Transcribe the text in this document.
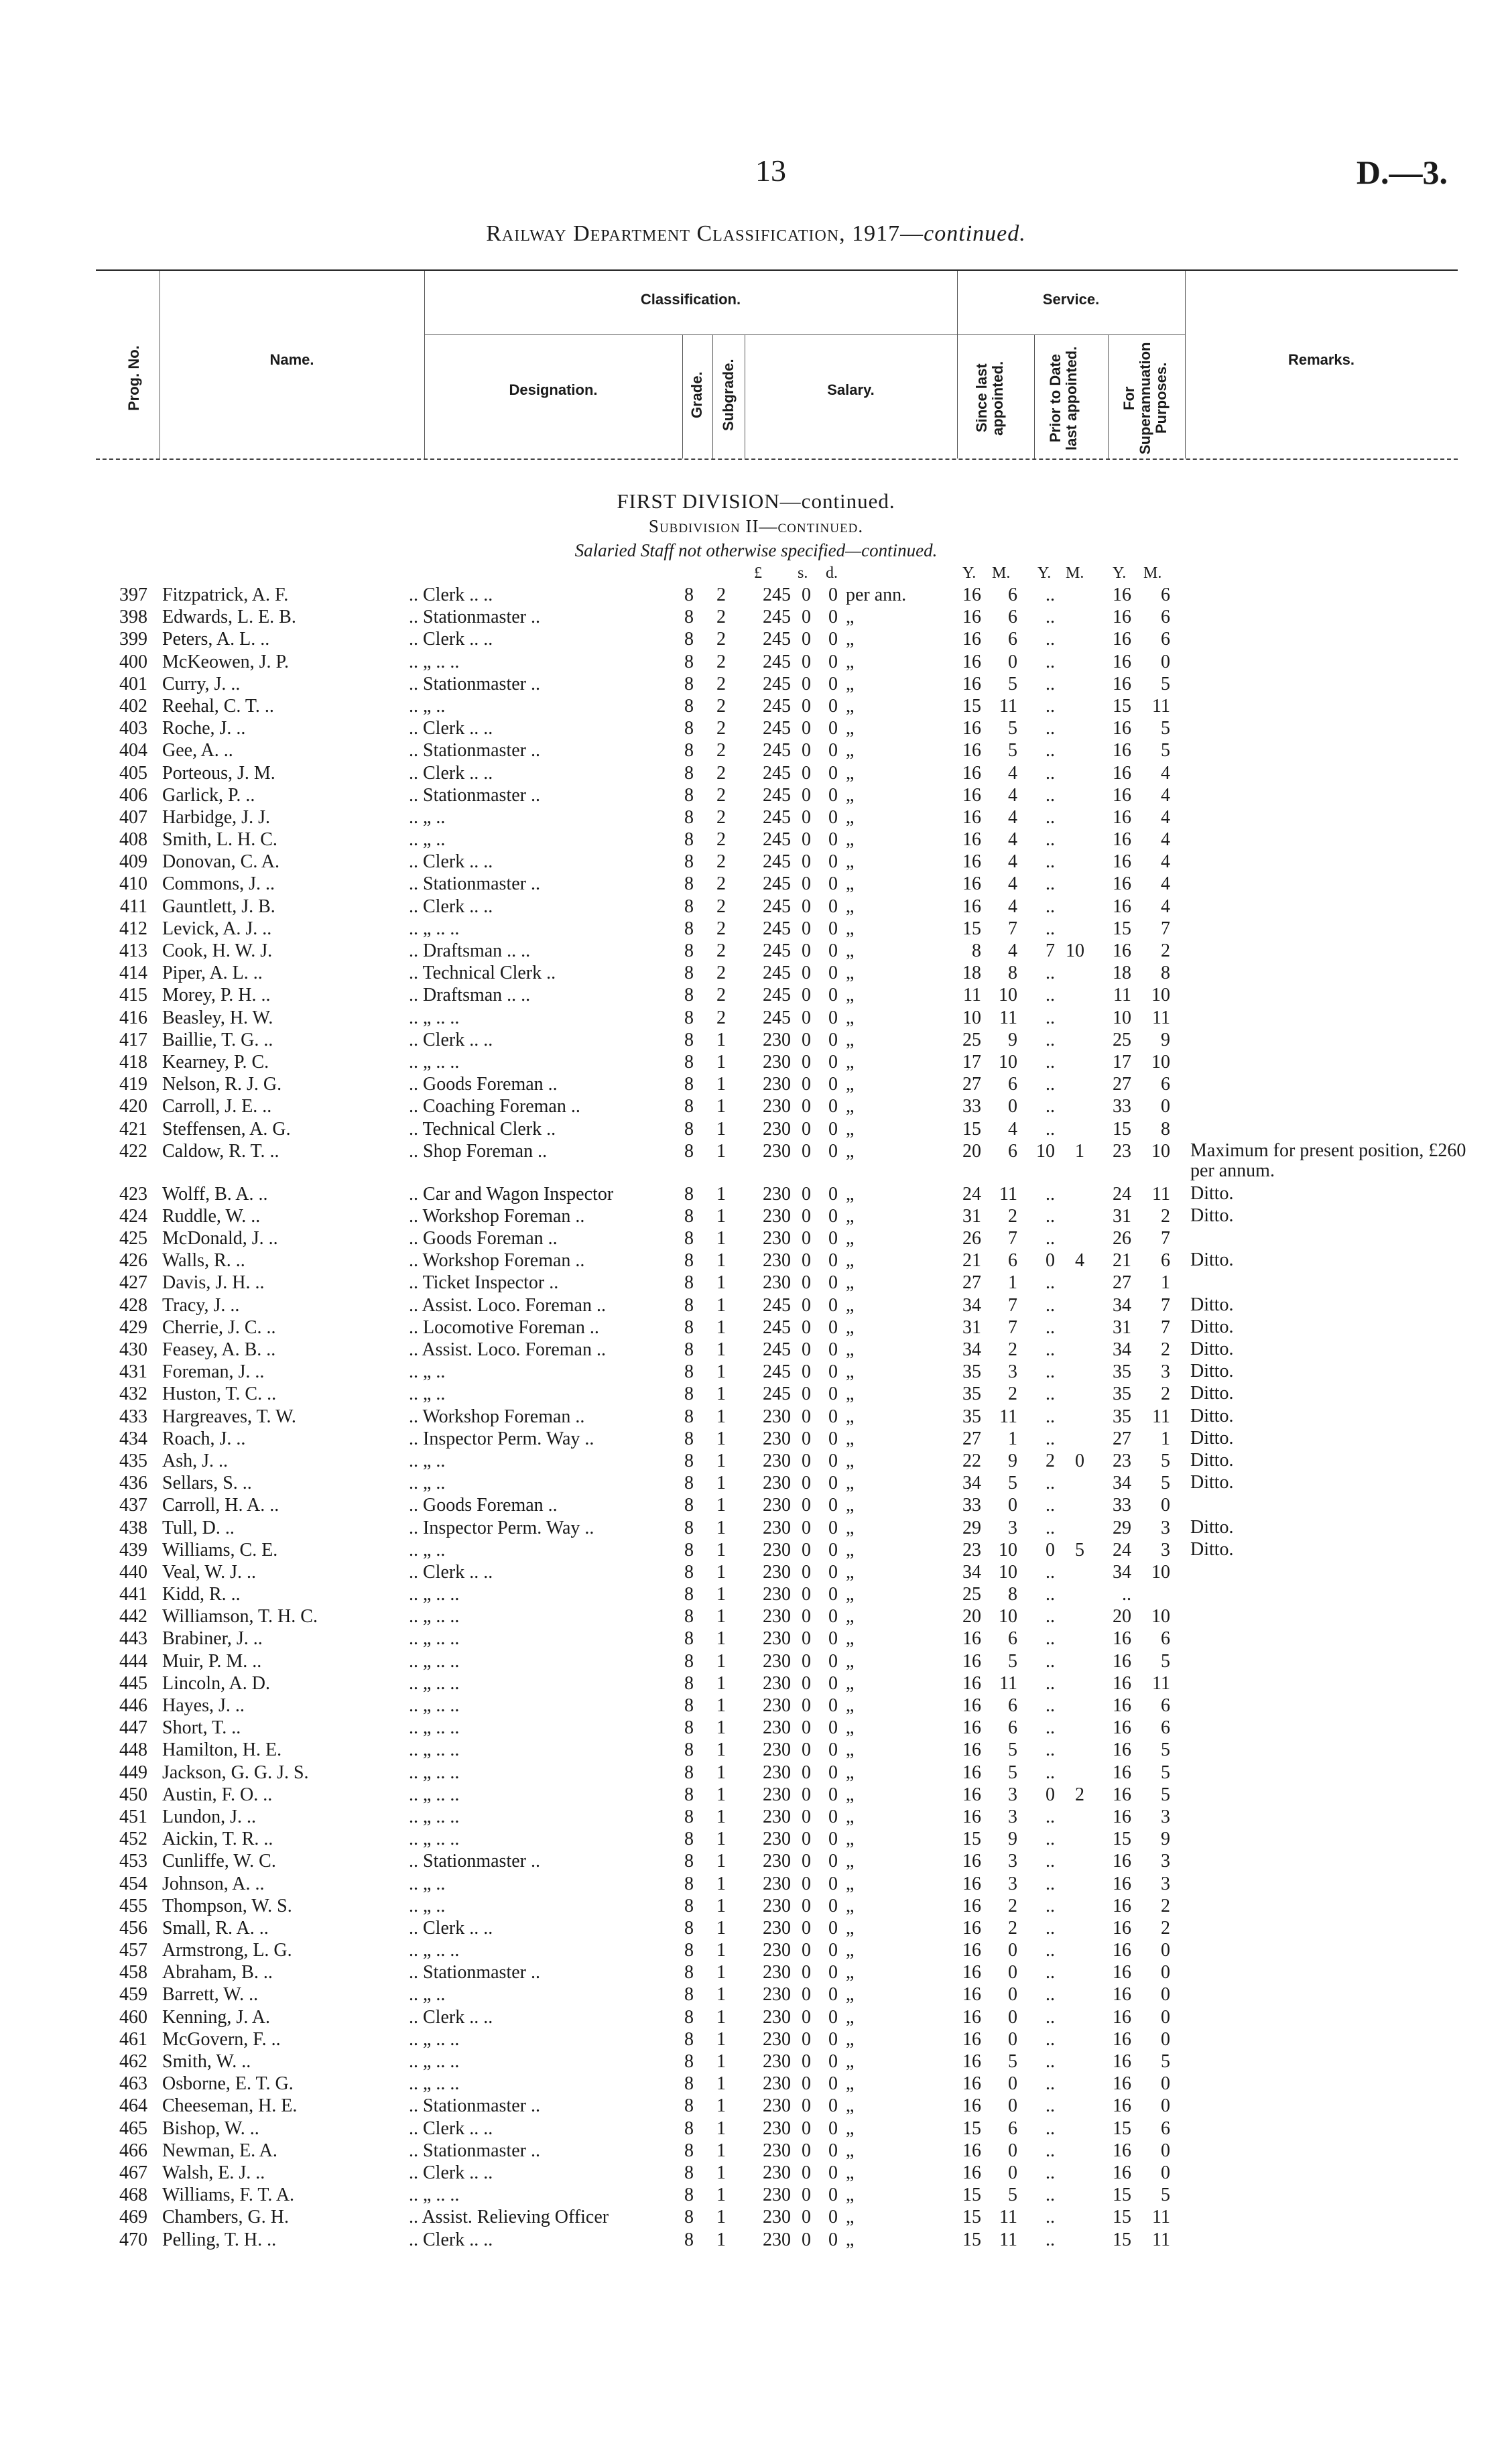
13	D.—3.
Railway Department Classification, 1917—continued.
Prog. No.	Name.
Classification.	Service.
Designation.	Grade. Subgrade.	Salary.	Since last appointed.	Prior to Date last appointed.	For Superannuation Purposes.
Remarks.
FIRST DIVISION—continued.
Subdivision II—continued.
Salaried Staff not otherwise specified—continued.
£ s. d.	Y. M. Y. M. Y. M.
397 Fitzpatrick, A. F.	.. Clerk .. ..	8	2	245 0 0 per ann.	16	6	..	16	6
398 Edwards, L. E. B.	.. Stationmaster ..	8	2	245 0 0 „	16	6	..	16	6
399 Peters, A. L. ..	.. Clerk .. ..	8	2	245 0 0 „	16	6	..	16	6
400 McKeowen, J. P.	.. „ .. ..	8	2	245 0 0 „	16	0	..	16	0
401 Curry, J. ..	.. Stationmaster ..	8	2	245 0 0 „	16	5	..	16	5
402 Reehal, C. T. ..	.. „ ..	8	2	245 0 0 „	15 11	..	15	11
403 Roche, J. ..	.. Clerk .. ..	8	2	245 0 0 „	16	5	..	16	5
404 Gee, A. ..	.. Stationmaster ..	8	2	245 0 0 „	16	5	..	16	5
405 Porteous, J. M.	.. Clerk .. ..	8	2	245 0 0 „	16	4	..	16	4
406 Garlick, P. ..	.. Stationmaster ..	8	2	245 0 0 „	16	4	..	16	4
407 Harbidge, J. J.	.. „ ..	8	2	245 0 0 „	16	4	..	16	4
408 Smith, L. H. C.	.. „ ..	8	2	245 0 0 „	16	4	..	16	4
409 Donovan, C. A.	.. Clerk .. ..	8	2	245 0 0 „	16	4	..	16	4
410 Commons, J. ..	.. Stationmaster ..	8	2	245 0 0 „	16	4	..	16	4
411 Gauntlett, J. B.	.. Clerk .. ..	8	2	245 0 0 „	16	4	..	16	4
412 Levick, A. J. ..	.. „ .. ..	8	2	245 0 0 „	15	7	..	15	7
413 Cook, H. W. J.	.. Draftsman .. ..	8	2	245 0 0 „	8	4	7 10	16	2
414 Piper, A. L. ..	.. Technical Clerk ..	8	2	245 0 0 „	18	8	..	18	8
415 Morey, P. H. ..	.. Draftsman .. ..	8	2	245 0 0 „	11 10	..	11	10
416 Beasley, H. W.	.. „ .. ..	8	2	245 0 0 „	10 11	..	10	11
417 Baillie, T. G. ..	.. Clerk .. ..	8	1	230 0 0 „	25	9	..	25	9
418 Kearney, P. C.	.. „ .. ..	8	1	230 0 0 „	17 10	..	17	10
419 Nelson, R. J. G.	.. Goods Foreman ..	8	1	230 0 0 „	27	6	..	27	6
420 Carroll, J. E. ..	.. Coaching Foreman ..	8	1	230 0 0 „	33	0	..	33	0
421 Steffensen, A. G.	.. Technical Clerk ..	8	1	230 0 0 „	15	4	..	15	8
422 Caldow, R. T. ..	.. Shop Foreman ..	8	1	230 0 0 „	20	6	10	1	23	10 Maximum for present position, £260 per annum.
423 Wolff, B. A. ..	.. Car and Wagon Inspector	8	1	230 0 0 „	24 11	..	24	11 Ditto.
424 Ruddle, W. ..	.. Workshop Foreman ..	8	1	230 0 0 „	31	2	..	31	2 Ditto.
425 McDonald, J. ..	.. Goods Foreman ..	8	1	230 0 0 „	26	7	..	26	7
426 Walls, R. ..	.. Workshop Foreman ..	8	1	230 0 0 „	21	6	0	4	21	6 Ditto.
427 Davis, J. H. ..	.. Ticket Inspector ..	8	1	230 0 0 „	27	1	..	27	1
428 Tracy, J. ..	.. Assist. Loco. Foreman ..	8	1	245 0 0 „	34	7	..	34	7 Ditto.
429 Cherrie, J. C. ..	.. Locomotive Foreman ..	8	1	245 0 0 „	31	7	..	31	7 Ditto.
430 Feasey, A. B. ..	.. Assist. Loco. Foreman ..	8	1	245 0 0 „	34	2	..	34	2 Ditto.
431 Foreman, J. ..	.. „ ..	8	1	245 0 0 „	35	3	..	35	3 Ditto.
432 Huston, T. C. ..	.. „ ..	8	1	245 0 0 „	35	2	..	35	2 Ditto.
433 Hargreaves, T. W.	.. Workshop Foreman ..	8	1	230 0 0 „	35 11	..	35	11 Ditto.
434 Roach, J. ..	.. Inspector Perm. Way ..	8	1	230 0 0 „	27	1	..	27	1 Ditto.
435 Ash, J. ..	.. „ ..	8	1	230 0 0 „	22	9	2	0	23	5 Ditto.
436 Sellars, S. ..	.. „ ..	8	1	230 0 0 „	34	5	..	34	5 Ditto.
437 Carroll, H. A. ..	.. Goods Foreman ..	8	1	230 0 0 „	33	0	..	33	0
438 Tull, D. ..	.. Inspector Perm. Way ..	8	1	230 0 0 „	29	3	..	29	3 Ditto.
439 Williams, C. E.	.. „ ..	8	1	230 0 0 „	23 10	0	5	24	3 Ditto.
440 Veal, W. J. ..	.. Clerk .. ..	8	1	230 0 0 „	34 10	..	34	10
441 Kidd, R. ..	.. „ .. ..	8	1	230 0 0 „	25	8	..	..
442 Williamson, T. H. C.	.. „ .. ..	8	1	230 0 0 „	20 10	..	20	10
443 Brabiner, J. ..	.. „ .. ..	8	1	230 0 0 „	16	6	..	16	6
444 Muir, P. M. ..	.. „ .. ..	8	1	230 0 0 „	16	5	..	16	5
445 Lincoln, A. D.	.. „ .. ..	8	1	230 0 0 „	16 11	..	16	11
446 Hayes, J. ..	.. „ .. ..	8	1	230 0 0 „	16	6	..	16	6
447 Short, T. ..	.. „ .. ..	8	1	230 0 0 „	16	6	..	16	6
448 Hamilton, H. E.	.. „ .. ..	8	1	230 0 0 „	16	5	..	16	5
449 Jackson, G. G. J. S.	.. „ .. ..	8	1	230 0 0 „	16	5	..	16	5
450 Austin, F. O. ..	.. „ .. ..	8	1	230 0 0 „	16	3	0	2	16	5
451 Lundon, J. ..	.. „ .. ..	8	1	230 0 0 „	16	3	..	16	3
452 Aickin, T. R. ..	.. „ .. ..	8	1	230 0 0 „	15	9	..	15	9
453 Cunliffe, W. C.	.. Stationmaster ..	8	1	230 0 0 „	16	3	..	16	3
454 Johnson, A. ..	.. „ ..	8	1	230 0 0 „	16	3	..	16	3
455 Thompson, W. S.	.. „ ..	8	1	230 0 0 „	16	2	..	16	2
456 Small, R. A. ..	.. Clerk .. ..	8	1	230 0 0 „	16	2	..	16	2
457 Armstrong, L. G.	.. „ .. ..	8	1	230 0 0 „	16	0	..	16	0
458 Abraham, B. ..	.. Stationmaster ..	8	1	230 0 0 „	16	0	..	16	0
459 Barrett, W. ..	.. „ ..	8	1	230 0 0 „	16	0	..	16	0
460 Kenning, J. A.	.. Clerk .. ..	8	1	230 0 0 „	16	0	..	16	0
461 McGovern, F. ..	.. „ .. ..	8	1	230 0 0 „	16	0	..	16	0
462 Smith, W. ..	.. „ .. ..	8	1	230 0 0 „	16	5	..	16	5
463 Osborne, E. T. G.	.. „ .. ..	8	1	230 0 0 „	16	0	..	16	0
464 Cheeseman, H. E.	.. Stationmaster ..	8	1	230 0 0 „	16	0	..	16	0
465 Bishop, W. ..	.. Clerk .. ..	8	1	230 0 0 „	15	6	..	15	6
466 Newman, E. A.	.. Stationmaster ..	8	1	230 0 0 „	16	0	..	16	0
467 Walsh, E. J. ..	.. Clerk .. ..	8	1	230 0 0 „	16	0	..	16	0
468 Williams, F. T. A.	.. „ .. ..	8	1	230 0 0 „	15	5	..	15	5
469 Chambers, G. H.	.. Assist. Relieving Officer	8	1	230 0 0 „	15 11	..	15	11
470 Pelling, T. H. ..	.. Clerk .. ..	8	1	230 0 0 „	15 11	..	15	11
